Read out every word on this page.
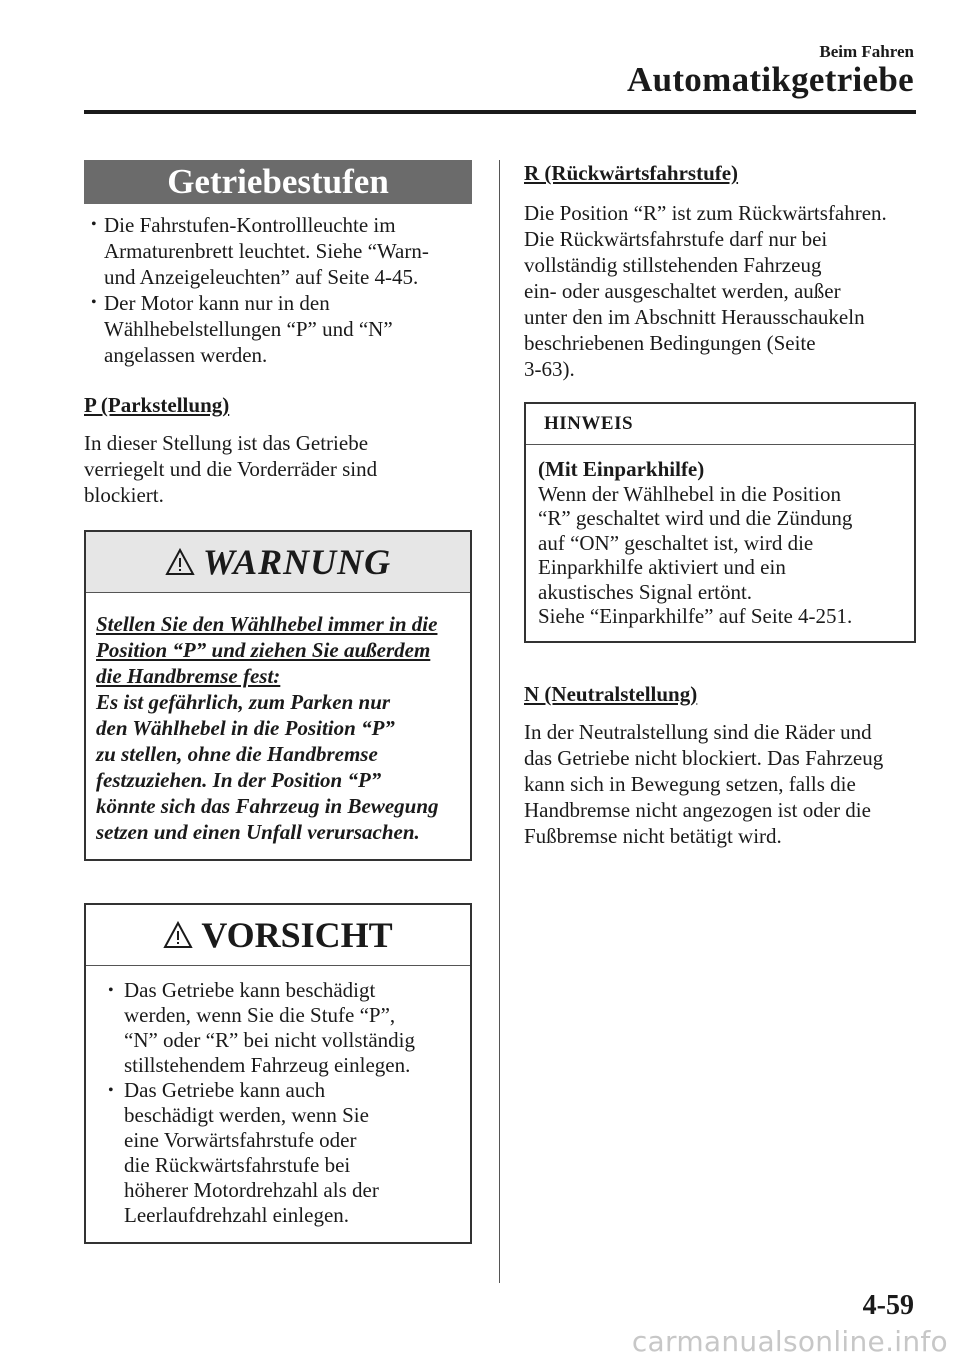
Beim Fahren
Automatikgetriebe
Getriebestufen
• Die Fahrstufen-Kontrollleuchte im
Armaturenbrett leuchtet. Siehe “Warn-
und Anzeigeleuchten” auf Seite 4-45.
• Der Motor kann nur in den
Wählhebelstellungen “P” und “N”
angelassen werden.
P (Parkstellung)
In dieser Stellung ist das Getriebe
verriegelt und die Vorderräder sind
blockiert.
WARNUNG
Stellen Sie den Wählhebel immer in die
Position “P” und ziehen Sie außerdem
die Handbremse fest:
Es ist gefährlich, zum Parken nur
den Wählhebel in die Position “P”
zu stellen, ohne die Handbremse
festzuziehen. In der Position “P”
könnte sich das Fahrzeug in Bewegung
setzen und einen Unfall verursachen.
VORSICHT
• Das Getriebe kann beschädigt
werden, wenn Sie die Stufe “P”,
“N” oder “R” bei nicht vollständig
stillstehendem Fahrzeug einlegen.
• Das Getriebe kann auch
beschädigt werden, wenn Sie
eine Vorwärtsfahrstufe oder
die Rückwärtsfahrstufe bei
höherer Motordrehzahl als der
Leerlaufdrehzahl einlegen.
R (Rückwärtsfahrstufe)
Die Position “R” ist zum Rückwärtsfahren.
Die Rückwärtsfahrstufe darf nur bei
vollständig stillstehenden Fahrzeug
ein- oder ausgeschaltet werden, außer
unter den im Abschnitt Herausschaukeln
beschriebenen Bedingungen (Seite
3-63).
HINWEIS
(Mit Einparkhilfe)
Wenn der Wählhebel in die Position
“R” geschaltet wird und die Zündung
auf “ON” geschaltet ist, wird die
Einparkhilfe aktiviert und ein
akustisches Signal ertönt.
Siehe “Einparkhilfe” auf Seite 4-251.
N (Neutralstellung)
In der Neutralstellung sind die Räder und
das Getriebe nicht blockiert. Das Fahrzeug
kann sich in Bewegung setzen, falls die
Handbremse nicht angezogen ist oder die
Fußbremse nicht betätigt wird.
4-59
carmanualsonline.info
